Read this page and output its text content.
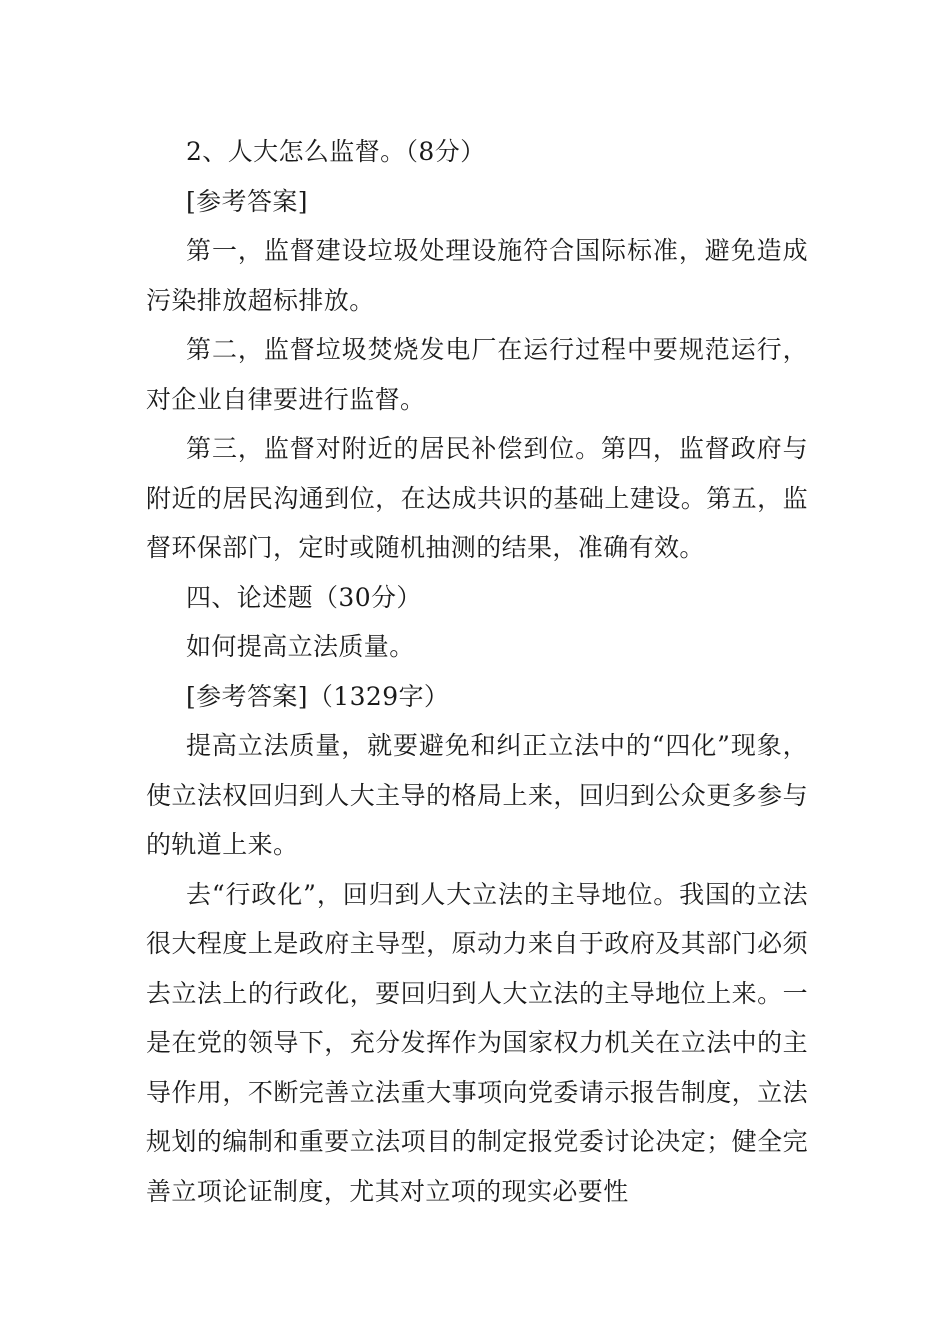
2、人大怎么监督。（8分）

[参考答案]

第一，监督建设垃圾处理设施符合国际标准，避免造成污染排放超标排放。

第二，监督垃圾焚烧发电厂在运行过程中要规范运行，对企业自律要进行监督。

第三，监督对附近的居民补偿到位。第四，监督政府与附近的居民沟通到位，在达成共识的基础上建设。第五，监督环保部门，定时或随机抽测的结果，准确有效。

四、论述题（30分）

如何提高立法质量。

[参考答案]（1329字）

提高立法质量，就要避免和纠正立法中的“四化”现象，使立法权回归到人大主导的格局上来，回归到公众更多参与的轨道上来。

去“行政化”，回归到人大立法的主导地位。我国的立法很大程度上是政府主导型，原动力来自于政府及其部门必须去立法上的行政化，要回归到人大立法的主导地位上来。一是在党的领导下，充分发挥作为国家权力机关在立法中的主导作用，不断完善立法重大事项向党委请示报告制度，立法规划的编制和重要立法项目的制定报党委讨论决定；健全完善立项论证制度，尤其对立项的现实必要性
